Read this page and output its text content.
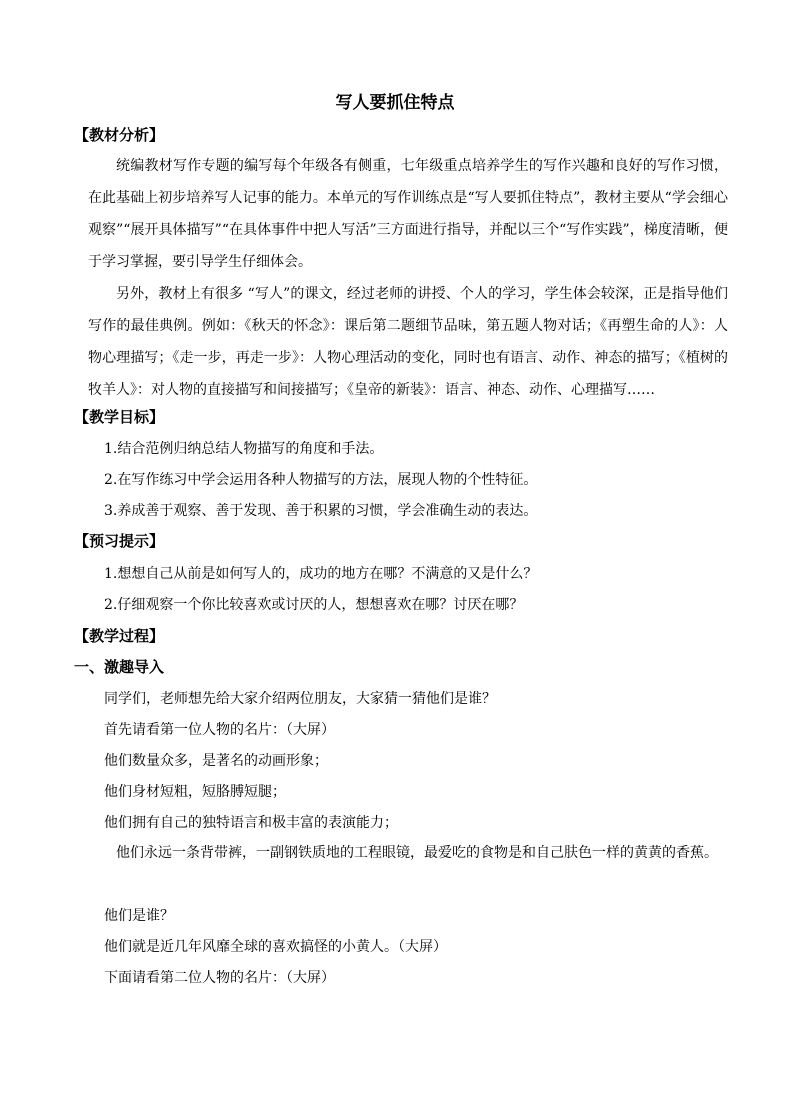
写人要抓住特点
【教材分析】
统编教材写作专题的编写每个年级各有侧重，七年级重点培养学生的写作兴趣和良好的写作习惯，在此基础上初步培养写人记事的能力。本单元的写作训练点是“写人要抓住特点”，教材主要从“学会细心观察”“展开具体描写”“在具体事件中把人写活”三方面进行指导，并配以三个“写作实践”，梯度清晰，便于学习掌握，要引导学生仔细体会。
另外，教材上有很多 “写人”的课文，经过老师的讲授、个人的学习，学生体会较深，正是指导他们写作的最佳典例。例如：《秋天的怀念》：课后第二题细节品味，第五题人物对话；《再塑生命的人》：人物心理描写；《走一步，再走一步》：人物心理活动的变化，同时也有语言、动作、神态的描写；《植树的牧羊人》：对人物的直接描写和间接描写；《皇帝的新装》：语言、神态、动作、心理描写……
【教学目标】
1.结合范例归纳总结人物描写的角度和手法。
2.在写作练习中学会运用各种人物描写的方法，展现人物的个性特征。
3.养成善于观察、善于发现、善于积累的习惯，学会准确生动的表达。
【预习提示】
1.想想自己从前是如何写人的，成功的地方在哪？不满意的又是什么？
2.仔细观察一个你比较喜欢或讨厌的人，想想喜欢在哪？讨厌在哪？
【教学过程】
一、激趣导入
同学们，老师想先给大家介绍两位朋友，大家猜一猜他们是谁？
首先请看第一位人物的名片：（大屏）
他们数量众多，是著名的动画形象；
他们身材短粗，短胳膊短腿；
他们拥有自己的独特语言和极丰富的表演能力；
他们永远一条背带裤，一副钢铁质地的工程眼镜，最爱吃的食物是和自己肤色一样的黄黄的香蕉。
他们是谁？
他们就是近几年风靡全球的喜欢搞怪的小黄人。（大屏）
下面请看第二位人物的名片：（大屏）
